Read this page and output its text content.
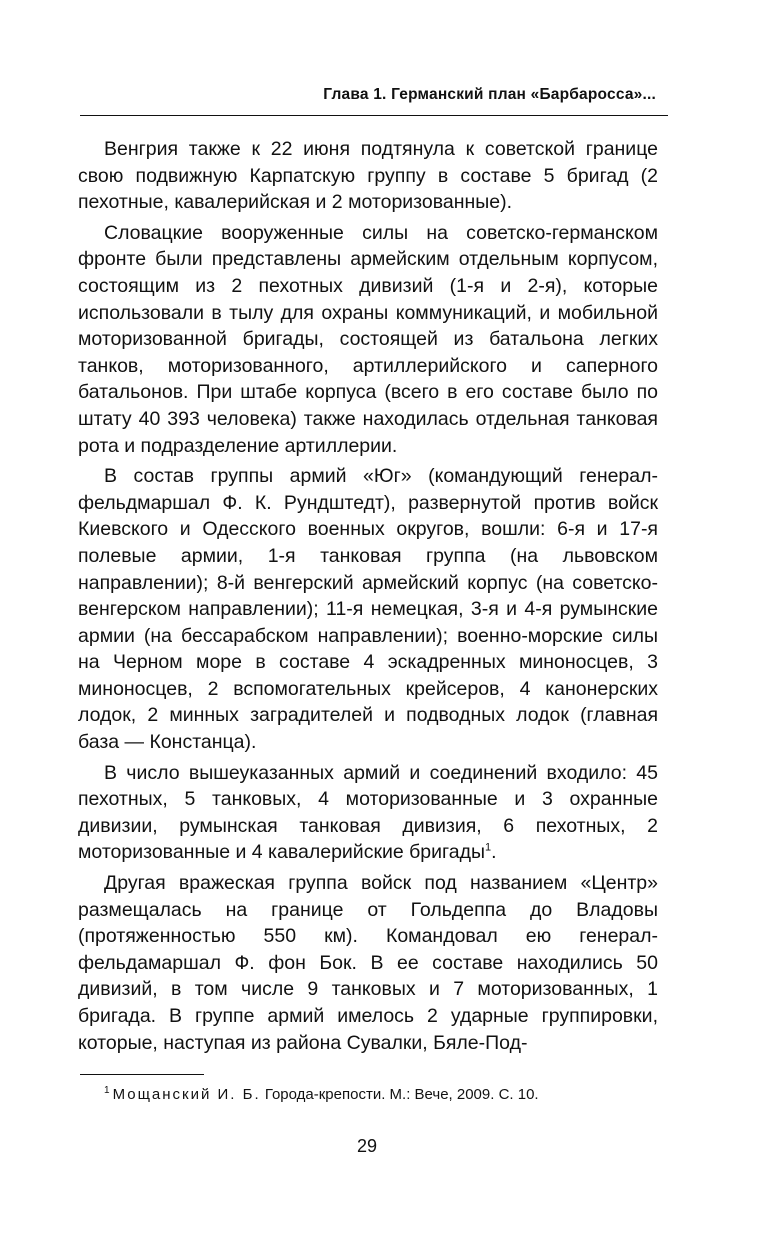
Глава 1. Германский план «Барбаросса»...

Венгрия также к 22 июня подтянула к советской границе свою подвижную Карпатскую группу в составе 5 бригад (2 пехотные, кавалерийская и 2 моторизованные).

Словацкие вооруженные силы на советско-германском фронте были представлены армейским отдельным корпусом, состоящим из 2 пехотных дивизий (1-я и 2-я), которые использовали в тылу для охраны коммуникаций, и мобильной моторизованной бригады, состоящей из батальона легких танков, моторизованного, артиллерийского и саперного батальонов. При штабе корпуса (всего в его составе было по штату 40 393 человека) также находилась отдельная танковая рота и подразделение артиллерии.

В состав группы армий «Юг» (командующий генерал-фельдмаршал Ф. К. Рундштедт), развернутой против войск Киевского и Одесского военных округов, вошли: 6-я и 17-я полевые армии, 1-я танковая группа (на львовском направлении); 8-й венгерский армейский корпус (на советско-венгерском направлении); 11-я немецкая, 3-я и 4-я румынские армии (на бессарабском направлении); военно-морские силы на Черном море в составе 4 эскадренных миноносцев, 3 миноносцев, 2 вспомогательных крейсеров, 4 канонерских лодок, 2 минных заградителей и подводных лодок (главная база — Констанца).

В число вышеуказанных армий и соединений входило: 45 пехотных, 5 танковых, 4 моторизованные и 3 охранные дивизии, румынская танковая дивизия, 6 пехотных, 2 моторизованные и 4 кавалерийские бригады$^1$.

Другая вражеская группа войск под названием «Центр» размещалась на границе от Гольдеппа до Владовы (протяженностью 550 км). Командовал ею генерал-фельдамаршал Ф. фон Бок. В ее составе находились 50 дивизий, в том числе 9 танковых и 7 моторизованных, 1 бригада. В группе армий имелось 2 ударные группировки, которые, наступая из района Сувалки, Бяле-Под-

$^1$ Мощанский И. Б. Города-крепости. М.: Вече, 2009. С. 10.
29
